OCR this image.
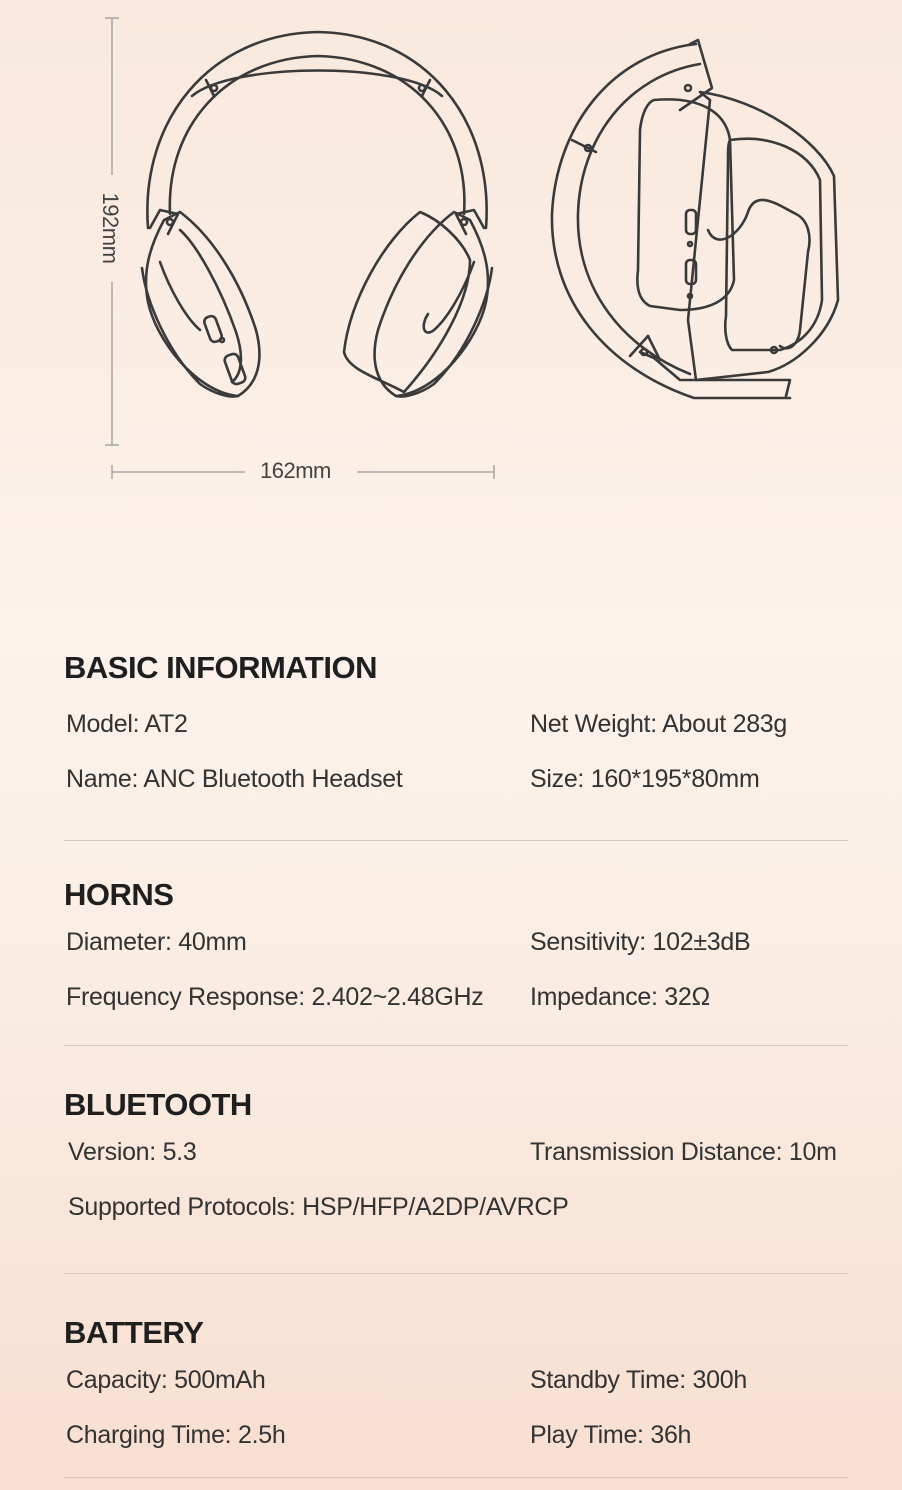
192mm
162mm
BASIC INFORMATION
Model: AT2	Net Weight: About 283g
Name: ANC Bluetooth Headset	Size: 160*195*80mm
HORNS
Diameter: 40mm	Sensitivity: 102±3dB
Frequency Response: 2.402~2.48GHz Impedance: 32Ω
BLUETOOTH
Version: 5.3	Transmission Distance: 10m
Supported Protocols: HSP/HFP/A2DP/AVRCP
BATTERY
Capacity: 500mAh	Standby Time: 300h
Charging Time: 2.5h	Play Time: 36h
